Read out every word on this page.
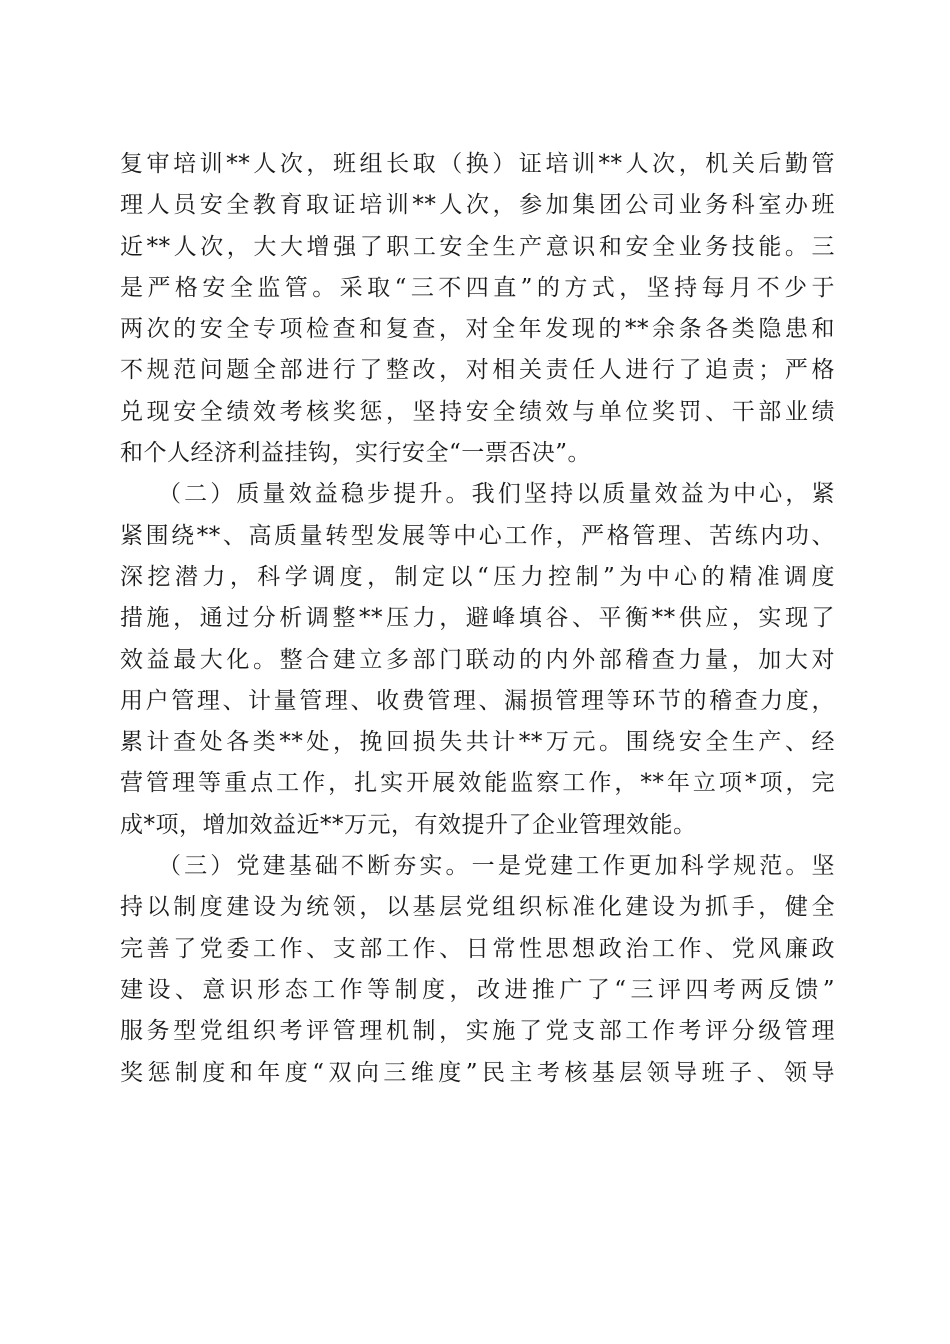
复审培训**人次，班组长取（换）证培训**人次，机关后勤管
理人员安全教育取证培训**人次，参加集团公司业务科室办班
近**人次，大大增强了职工安全生产意识和安全业务技能。三
是严格安全监管。采取“三不四直”的方式，坚持每月不少于
两次的安全专项检查和复查，对全年发现的**余条各类隐患和
不规范问题全部进行了整改，对相关责任人进行了追责；严格
兑现安全绩效考核奖惩，坚持安全绩效与单位奖罚、干部业绩
和个人经济利益挂钩，实行安全“一票否决”。
（二）质量效益稳步提升。我们坚持以质量效益为中心，紧
紧围绕**、高质量转型发展等中心工作，严格管理、苦练内功、
深挖潜力，科学调度，制定以“压力控制”为中心的精准调度
措施，通过分析调整**压力，避峰填谷、平衡**供应，实现了
效益最大化。整合建立多部门联动的内外部稽查力量，加大对
用户管理、计量管理、收费管理、漏损管理等环节的稽查力度，
累计查处各类**处，挽回损失共计**万元。围绕安全生产、经
营管理等重点工作，扎实开展效能监察工作，**年立项*项，完
成*项，增加效益近**万元，有效提升了企业管理效能。
（三）党建基础不断夯实。一是党建工作更加科学规范。坚
持以制度建设为统领，以基层党组织标准化建设为抓手，健全
完善了党委工作、支部工作、日常性思想政治工作、党风廉政
建设、意识形态工作等制度，改进推广了“三评四考两反馈”
服务型党组织考评管理机制，实施了党支部工作考评分级管理
奖惩制度和年度“双向三维度”民主考核基层领导班子、领导
